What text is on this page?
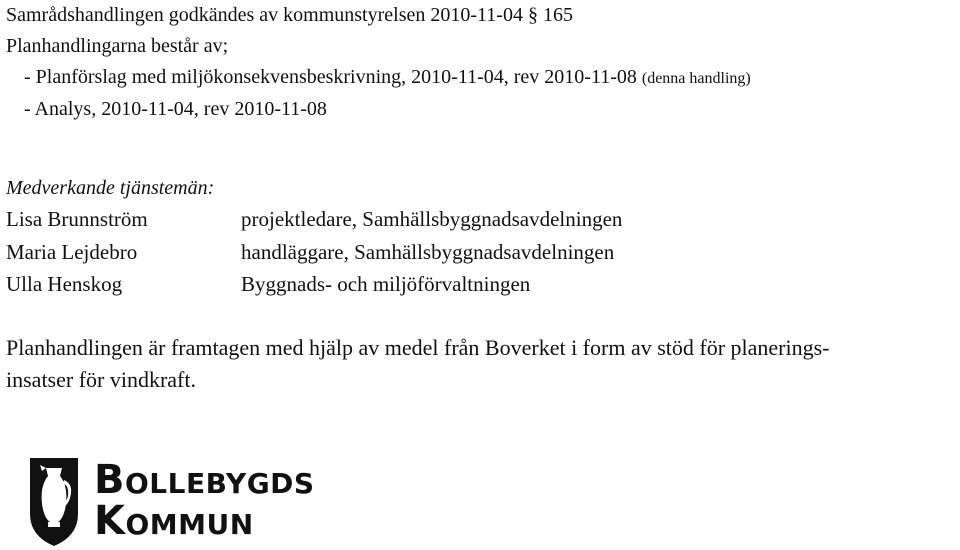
Samrådshandlingen godkändes av kommunstyrelsen 2010-11-04 § 165
Planhandlingarna består av;
- Planförslag med miljökonsekvensbeskrivning, 2010-11-04, rev 2010-11-08 (denna handling)
- Analys, 2010-11-04, rev 2010-11-08
Medverkande tjänstemän:
Lisa Brunnström	projektledare, Samhällsbyggnadsavdelningen
Maria Lejdebro	handläggare, Samhällsbyggnadsavdelningen
Ulla Henskog	Byggnads- och miljöförvaltningen
Planhandlingen är framtagen med hjälp av medel från Boverket i form av stöd för planerings-
insatser för vindkraft.
Bollebygds
Kommun
